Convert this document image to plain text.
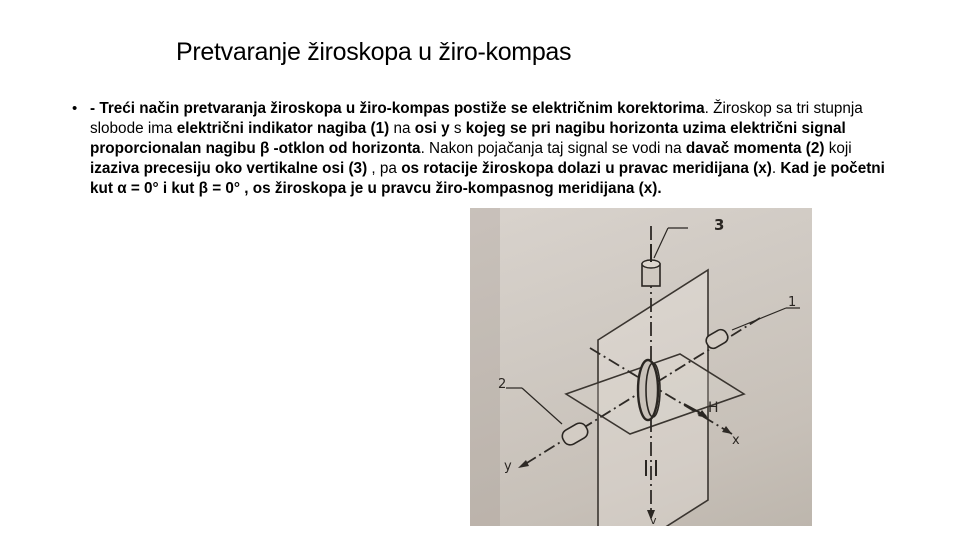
Pretvaranje žiroskopa u žiro-kompas
• - Treći način pretvaranja žiroskopa u žiro-kompas postiže se električnim korektorima. Žiroskop sa tri stupnja slobode ima električni indikator nagiba (1) na osi y s kojeg se pri nagibu horizonta uzima električni signal proporcionalan nagibu β -otklon od horizonta. Nakon pojačanja taj signal se vodi na davač momenta (2) koji izaziva precesiju oko vertikalne osi (3) , pa os rotacije žiroskopa dolazi u pravac meridijana (x). Kad je početni kut α = 0° i kut β = 0° , os žiroskopa je u pravcu žiro-kompasnog meridijana (x).
3
1
2
H
x
y
v
